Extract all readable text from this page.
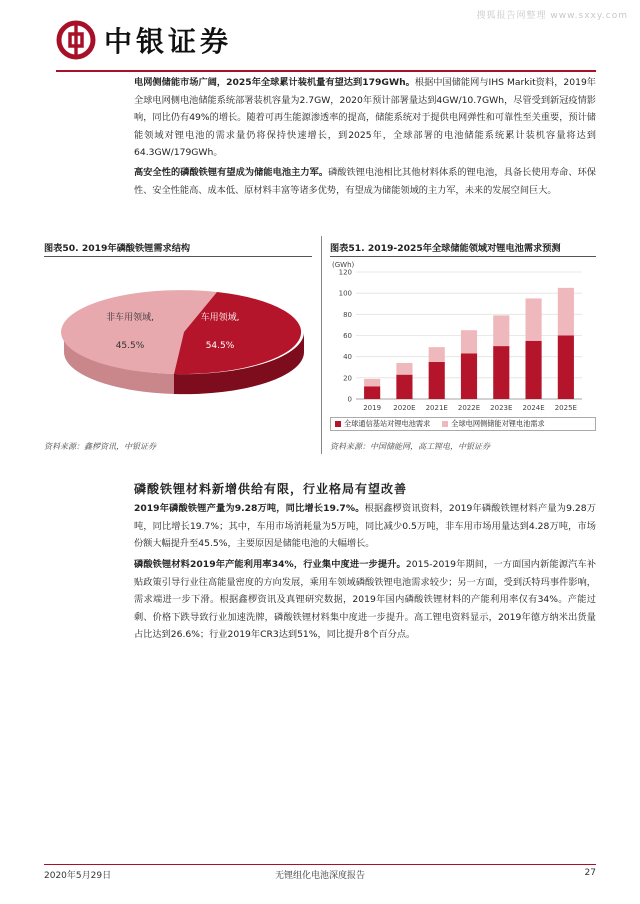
搜狐报告网整理 www.sxxy.com
中银证券

电网侧储能市场广阔，2025年全球累计装机量有望达到179GWh。根据中国储能网与IHS Markit资料，2019年全球电网侧电池储能系统部署装机容量为2.7GW，2020年预计部署量达到4GW/10.7GWh，尽管受到新冠疫情影响，同比仍有49%的增长。随着可再生能源渗透率的提高，储能系统对于提供电网弹性和可靠性至关重要，预计储能领域对锂电池的需求量仍将保持快速增长，到2025年，全球部署的电池储能系统累计装机容量将达到64.3GW/179GWh。

高安全性的磷酸铁锂有望成为储能电池主力军。磷酸铁锂电池相比其他材料体系的锂电池，具备长使用寿命、环保性、安全性能高、成本低、原材料丰富等诸多优势，有望成为储能领域的主力军，未来的发展空间巨大。

图表50. 2019年磷酸铁锂需求结构	图表51. 2019-2025年全球储能领域对锂电池需求预测
非车用领域,
45.5%
车用领域,
54.5%
(GWh)
0
20
40
60
80
100
120
2019 2020E 2021E 2022E 2023E 2024E 2025E
全球通信基站对锂电池需求	全球电网侧储能对锂电池需求
资料来源：鑫椤资讯，中银证券	资料来源：中国储能网，高工锂电，中银证券
磷酸铁锂材料新增供给有限，行业格局有望改善

2019年磷酸铁锂产量为9.28万吨，同比增长19.7%。根据鑫椤资讯资料，2019年磷酸铁锂材料产量为9.28万吨，同比增长19.7%；其中，车用市场消耗量为5万吨，同比减少0.5万吨，非车用市场用量达到4.28万吨，市场份额大幅提升至45.5%，主要原因是储能电池的大幅增长。

磷酸铁锂材料2019年产能利用率34%，行业集中度进一步提升。2015-2019年期间，一方面国内新能源汽车补贴政策引导行业往高能量密度的方向发展，乘用车领域磷酸铁锂电池需求较少；另一方面，受到沃特玛事件影响，需求端进一步下滑。根据鑫椤资讯及真锂研究数据，2019年国内磷酸铁锂材料的产能利用率仅有34%。产能过剩、价格下跌导致行业加速洗牌，磷酸铁锂材料集中度进一步提升。高工锂电资料显示，2019年德方纳米出货量占比达到26.6%；行业2019年CR3达到51%，同比提升8个百分点。

2020年5月29日	无锂组化电池深度报告	27
